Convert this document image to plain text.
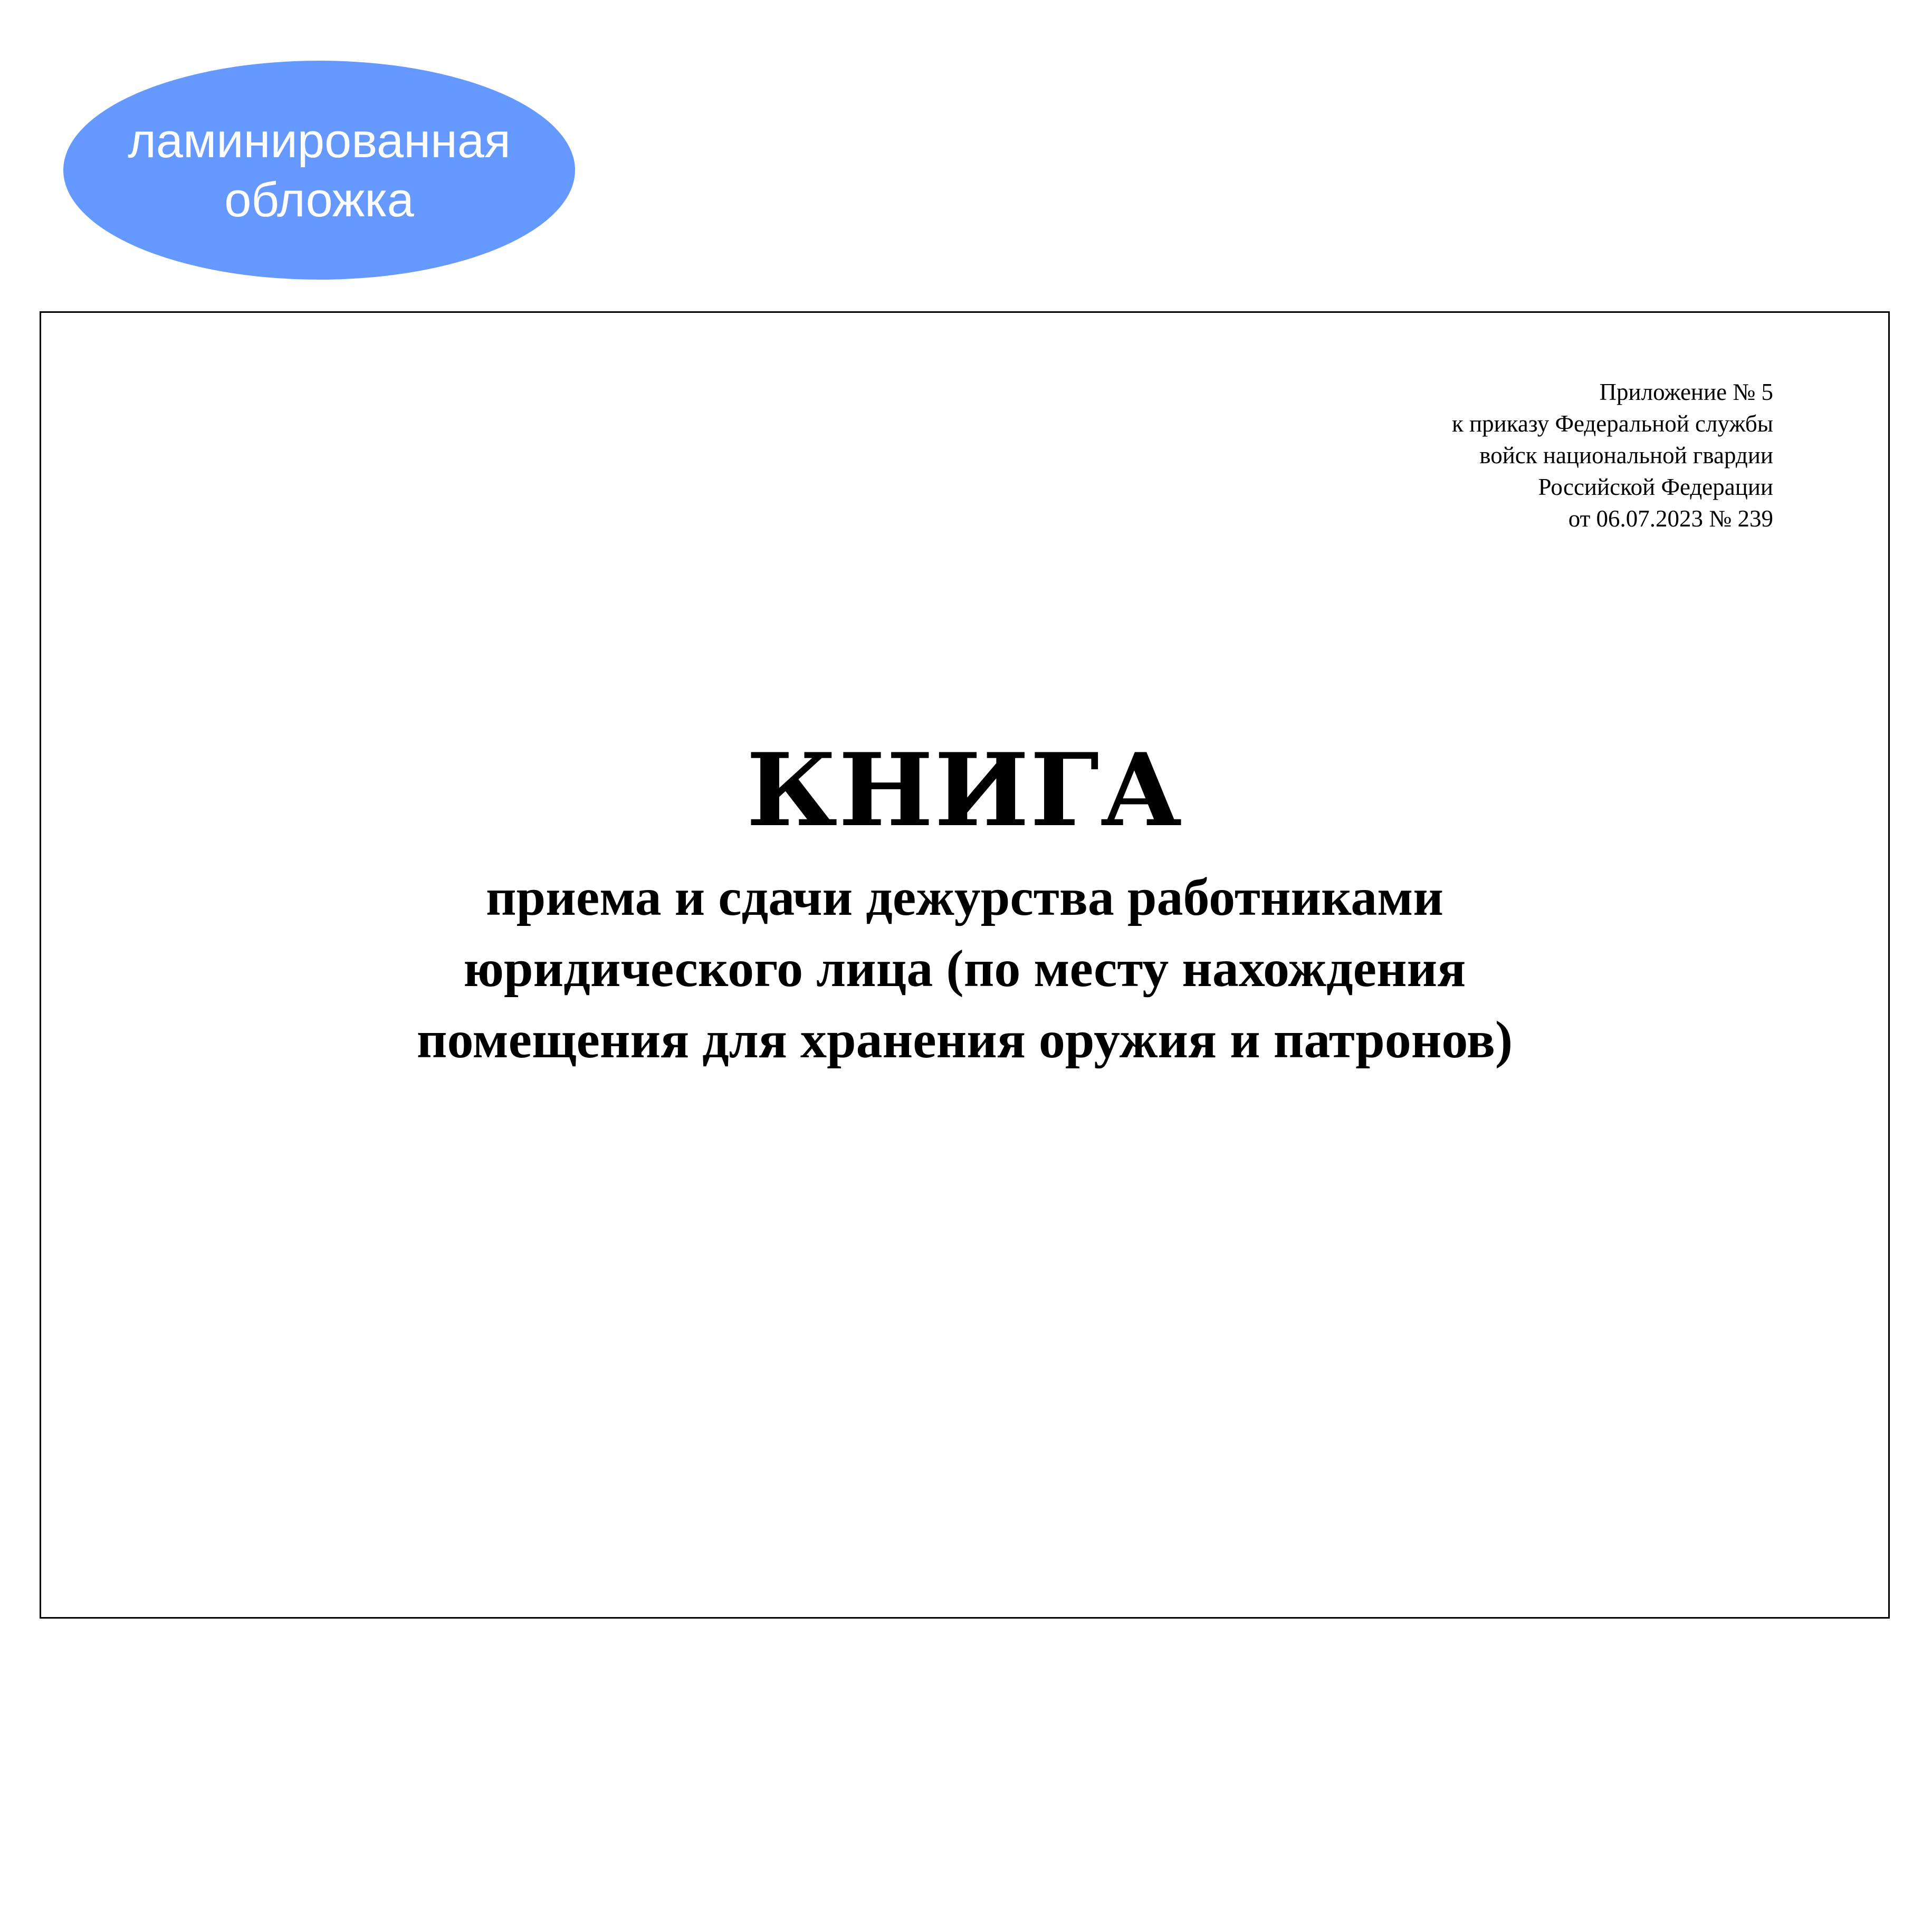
ламинированная
обложка
Приложение № 5
к приказу Федеральной службы
войск национальной гвардии
Российской Федерации
от 06.07.2023 № 239
КНИГА
приема и сдачи дежурства работниками
юридического лица (по месту нахождения
помещения для хранения оружия и патронов)
